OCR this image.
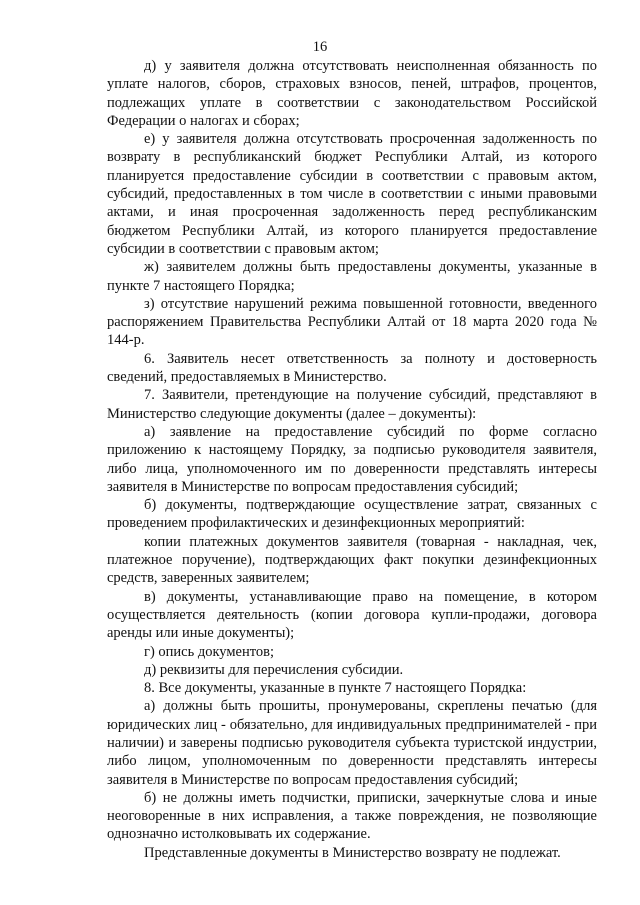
16

д) у заявителя должна отсутствовать неисполненная обязанность по уплате налогов, сборов, страховых взносов, пеней, штрафов, процентов, подлежащих уплате в соответствии с законодательством Российской Федерации о налогах и сборах;

е) у заявителя должна отсутствовать просроченная задолженность по возврату в республиканский бюджет Республики Алтай, из которого планируется предоставление субсидии в соответствии с правовым актом, субсидий, предоставленных в том числе в соответствии с иными правовыми актами, и иная просроченная задолженность перед республиканским бюджетом Республики Алтай, из которого планируется предоставление субсидии в соответствии с правовым актом;

ж) заявителем должны быть предоставлены документы, указанные в пункте 7 настоящего Порядка;

з) отсутствие нарушений режима повышенной готовности, введенного распоряжением Правительства Республики Алтай от 18 марта 2020 года № 144-р.

6. Заявитель несет ответственность за полноту и достоверность сведений, предоставляемых в Министерство.

7. Заявители, претендующие на получение субсидий, представляют в Министерство следующие документы (далее – документы):

а) заявление на предоставление субсидий по форме согласно приложению к настоящему Порядку, за подписью руководителя заявителя, либо лица, уполномоченного им по доверенности представлять интересы заявителя в Министерстве по вопросам предоставления субсидий;

б) документы, подтверждающие осуществление затрат, связанных с проведением профилактических и дезинфекционных мероприятий:

копии платежных документов заявителя (товарная - накладная, чек, платежное поручение), подтверждающих факт покупки дезинфекционных средств, заверенных заявителем;

в) документы, устанавливающие право на помещение, в котором осуществляется деятельность (копии договора купли-продажи, договора аренды или иные документы);

г) опись документов;

д) реквизиты для перечисления субсидии.

8. Все документы, указанные в пункте 7 настоящего Порядка:

а) должны быть прошиты, пронумерованы, скреплены печатью (для юридических лиц - обязательно, для индивидуальных предпринимателей - при наличии) и заверены подписью руководителя субъекта туристской индустрии, либо лицом, уполномоченным по доверенности представлять интересы заявителя в Министерстве по вопросам предоставления субсидий;

б) не должны иметь подчистки, приписки, зачеркнутые слова и иные неоговоренные в них исправления, а также повреждения, не позволяющие однозначно истолковывать их содержание.

Представленные документы в Министерство возврату не подлежат.
